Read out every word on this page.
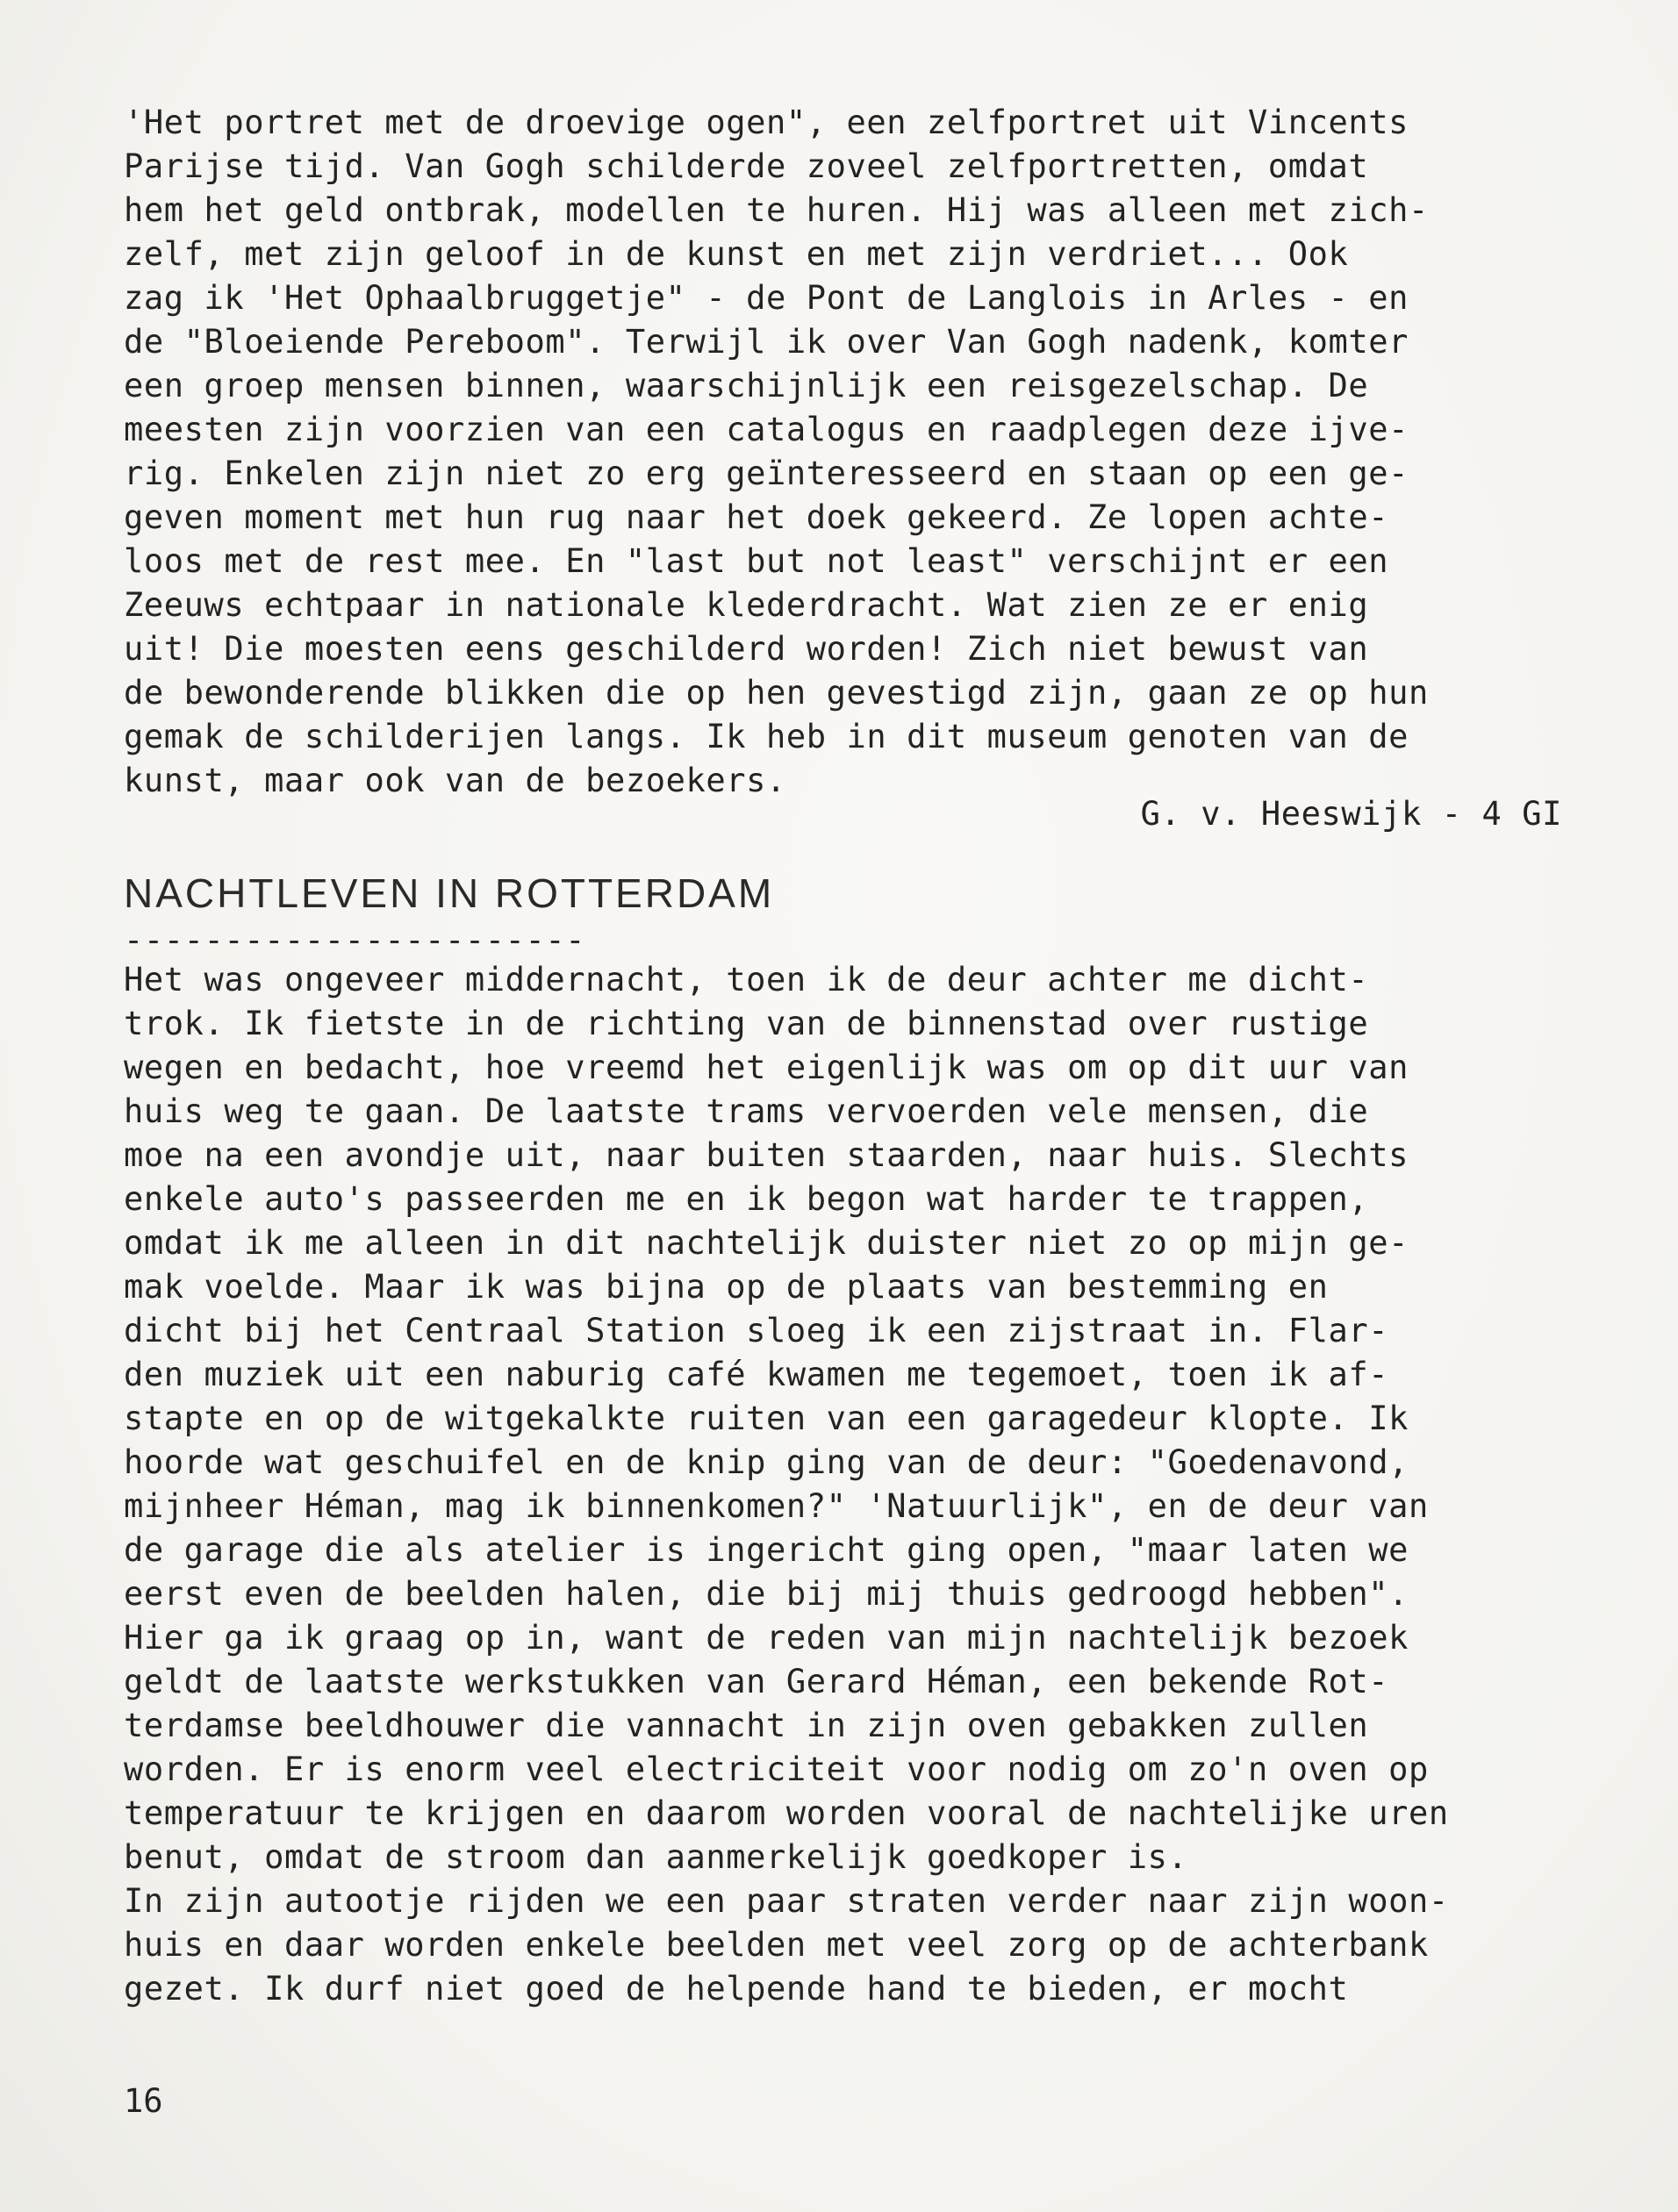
'Het portret met de droevige ogen", een zelfportret uit Vincents
Parijse tijd. Van Gogh schilderde zoveel zelfportretten, omdat
hem het geld ontbrak, modellen te huren. Hij was alleen met zich-
zelf, met zijn geloof in de kunst en met zijn verdriet... Ook
zag ik 'Het Ophaalbruggetje" - de Pont de Langlois in Arles - en
de "Bloeiende Pereboom". Terwijl ik over Van Gogh nadenk, komter
een groep mensen binnen, waarschijnlijk een reisgezelschap. De
meesten zijn voorzien van een catalogus en raadplegen deze ijve-
rig. Enkelen zijn niet zo erg geïnteresseerd en staan op een ge-
geven moment met hun rug naar het doek gekeerd. Ze lopen achte-
loos met de rest mee. En "last but not least" verschijnt er een
Zeeuws echtpaar in nationale klederdracht. Wat zien ze er enig
uit! Die moesten eens geschilderd worden! Zich niet bewust van
de bewonderende blikken die op hen gevestigd zijn, gaan ze op hun
gemak de schilderijen langs. Ik heb in dit museum genoten van de
kunst, maar ook van de bezoekers.
G. v. Heeswijk - 4 GI
NACHTLEVEN IN ROTTERDAM
-----------------------
Het was ongeveer middernacht, toen ik de deur achter me dicht-
trok. Ik fietste in de richting van de binnenstad over rustige
wegen en bedacht, hoe vreemd het eigenlijk was om op dit uur van
huis weg te gaan. De laatste trams vervoerden vele mensen, die
moe na een avondje uit, naar buiten staarden, naar huis. Slechts
enkele auto's passeerden me en ik begon wat harder te trappen,
omdat ik me alleen in dit nachtelijk duister niet zo op mijn ge-
mak voelde. Maar ik was bijna op de plaats van bestemming en
dicht bij het Centraal Station sloeg ik een zijstraat in. Flar-
den muziek uit een naburig café kwamen me tegemoet, toen ik af-
stapte en op de witgekalkte ruiten van een garagedeur klopte. Ik
hoorde wat geschuifel en de knip ging van de deur: "Goedenavond,
mijnheer Héman, mag ik binnenkomen?" 'Natuurlijk", en de deur van
de garage die als atelier is ingericht ging open, "maar laten we
eerst even de beelden halen, die bij mij thuis gedroogd hebben".
Hier ga ik graag op in, want de reden van mijn nachtelijk bezoek
geldt de laatste werkstukken van Gerard Héman, een bekende Rot-
terdamse beeldhouwer die vannacht in zijn oven gebakken zullen
worden. Er is enorm veel electriciteit voor nodig om zo'n oven op
temperatuur te krijgen en daarom worden vooral de nachtelijke uren
benut, omdat de stroom dan aanmerkelijk goedkoper is.
In zijn autootje rijden we een paar straten verder naar zijn woon-
huis en daar worden enkele beelden met veel zorg op de achterbank
gezet. Ik durf niet goed de helpende hand te bieden, er mocht
16
